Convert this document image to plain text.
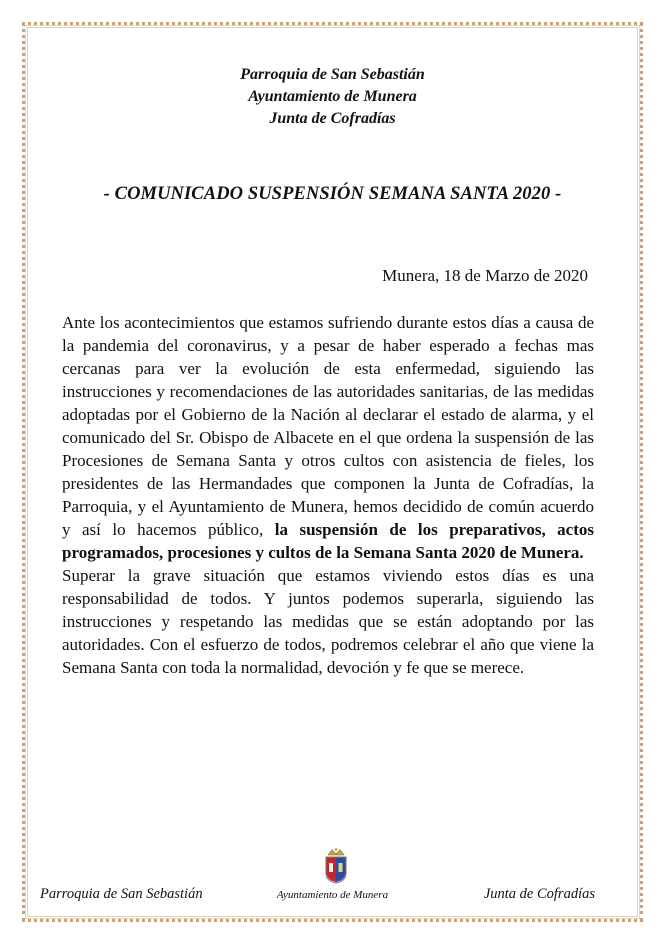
Parroquia de San Sebastián
Ayuntamiento de Munera
Junta de Cofradías
- COMUNICADO SUSPENSIÓN SEMANA SANTA 2020 -
Munera, 18 de Marzo de 2020

Ante los acontecimientos que estamos sufriendo durante estos días a causa de la pandemia del coronavirus, y a pesar de haber esperado a fechas mas cercanas para ver la evolución de esta enfermedad, siguiendo las instrucciones y recomendaciones de las autoridades sanitarias, de las medidas adoptadas por el Gobierno de la Nación al declarar el estado de alarma, y el comunicado del Sr. Obispo de Albacete en el que ordena la suspensión de las Procesiones de Semana Santa y otros cultos con asistencia de fieles, los presidentes de las Hermandades que componen la Junta de Cofradías, la Parroquia, y el Ayuntamiento de Munera, hemos decidido de común acuerdo y así lo hacemos público, la suspensión de los preparativos, actos programados, procesiones y cultos de la Semana Santa 2020 de Munera.

Superar la grave situación que estamos viviendo estos días es una responsabilidad de todos. Y juntos podemos superarla, siguiendo las instrucciones y respetando las medidas que se están adoptando por las autoridades. Con el esfuerzo de todos, podremos celebrar el año que viene la Semana Santa con toda la normalidad, devoción y fe que se merece.

Parroquia de San Sebastián	Ayuntamiento de Munera	Junta de Cofradías
